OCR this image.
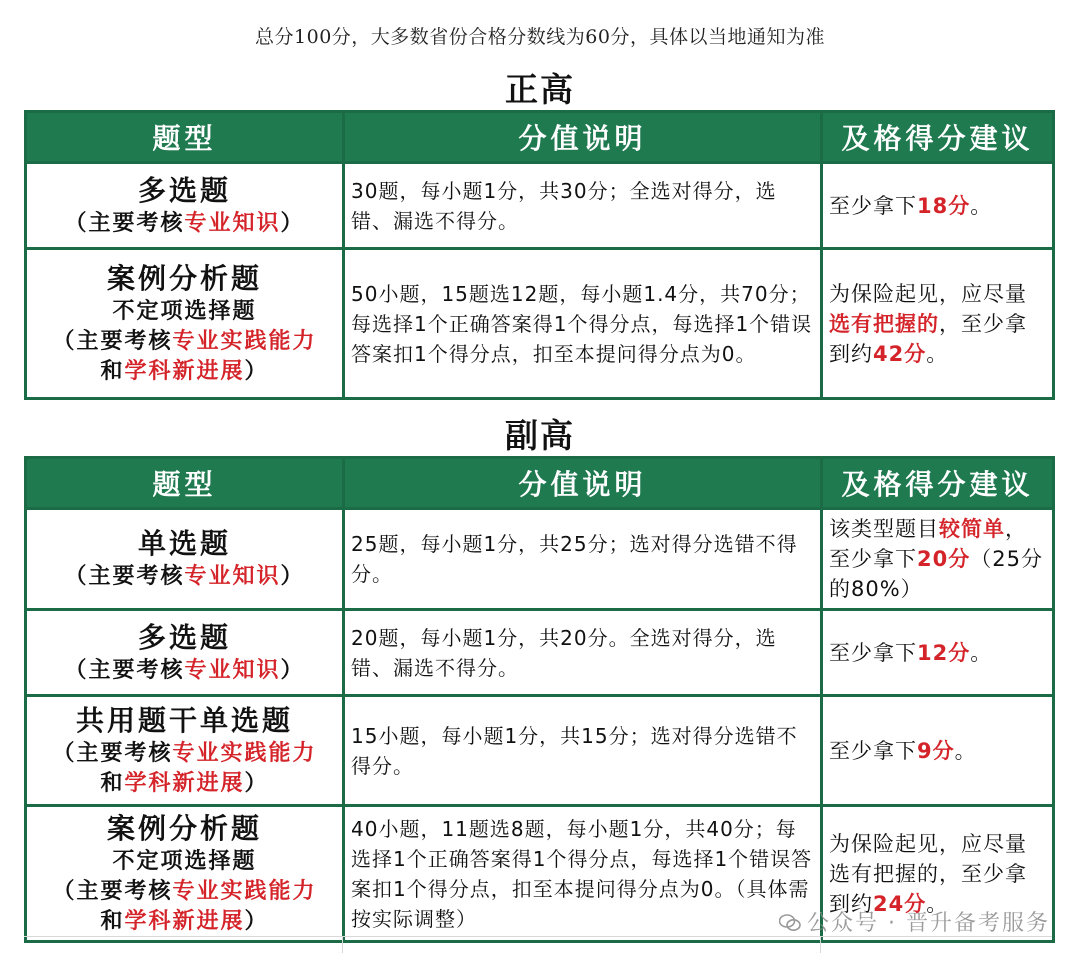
总分100分，大多数省份合格分数线为60分，具体以当地通知为准
正高
题型	分值说明	及格得分建议

多选题
（主要考核专业知识）	30题，每小题1分，共30分；全选对得分，选错、漏选不得分。	至少拿下18分。

案例分析题
不定项选择题
（主要考核专业实践能力
和学科新进展）	50小题，15题选12题，每小题1.4分，共70分；每选择1个正确答案得1个得分点，每选择1个错误答案扣1个得分点，扣至本提问得分点为0。	为保险起见，应尽量选有把握的，至少拿到约42分。
副高
题型	分值说明	及格得分建议

单选题
（主要考核专业知识）	25题，每小题1分，共25分；选对得分选错不得分。	该类型题目较简单，至少拿下20分（25分的80%）

多选题
（主要考核专业知识）	20题，每小题1分，共20分。全选对得分，选错、漏选不得分。	至少拿下12分。

共用题干单选题
（主要考核专业实践能力
和学科新进展）	15小题，每小题1分，共15分；选对得分选错不得分。	至少拿下9分。

案例分析题
不定项选择题
（主要考核专业实践能力
和学科新进展）	40小题，11题选8题，每小题1分，共40分；每选择1个正确答案得1个得分点，每选择1个错误答案扣1个得分点，扣至本提问得分点为0。（具体需按实际调整）	为保险起见，应尽量选有把握的，至少拿到约24分。
公众号 · 晋升备考服务
